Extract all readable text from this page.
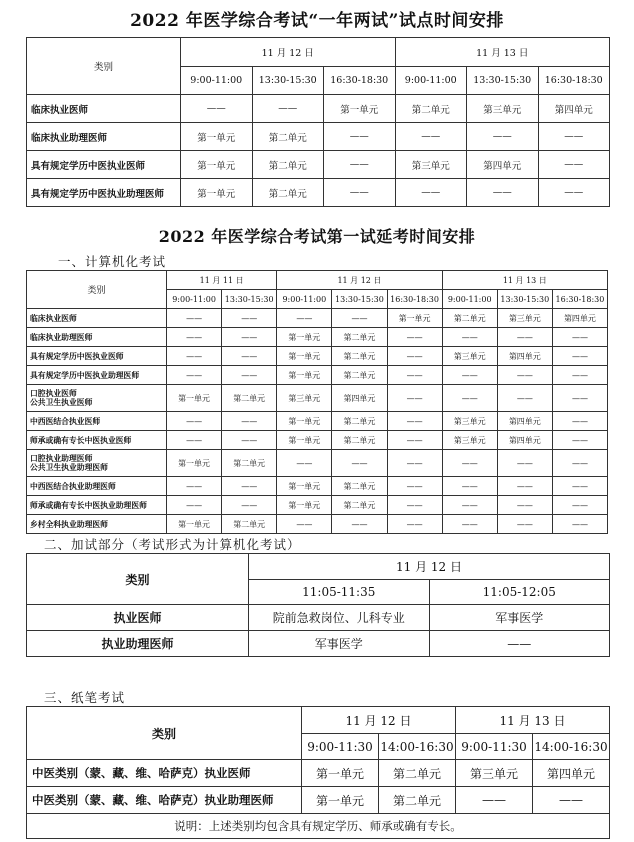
2022 年医学综合考试“一年两试”试点时间安排
类别	11 月 12 日			11 月 13 日		
	9:00-11:00	13:30-15:30	16:30-18:30	9:00-11:00	13:30-15:30	16:30-18:30
临床执业医师	——	——	第一单元	第二单元	第三单元	第四单元
临床执业助理医师	第一单元	第二单元	——	——	——	——
具有规定学历中医执业医师	第一单元	第二单元	——	第三单元	第四单元	——
具有规定学历中医执业助理医师	第一单元	第二单元	——	——	——	——
2022 年医学综合考试第一试延考时间安排
一、计算机化考试
类别	11 月 11 日		11 月 12 日			11 月 13 日		
	9:00-11:00	13:30-15:30	9:00-11:00	13:30-15:30	16:30-18:30	9:00-11:00	13:30-15:30	16:30-18:30
临床执业医师	——	——	——	——	第一单元	第二单元	第三单元	第四单元
临床执业助理医师	——	——	第一单元	第二单元	——	——	——	——
具有规定学历中医执业医师	——	——	第一单元	第二单元	——	第三单元	第四单元	——
具有规定学历中医执业助理医师	——	——	第一单元	第二单元	——	——	——	——

口腔执业医师
公共卫生执业医师	第一单元	第二单元	第三单元	第四单元	——	——	——	——
中西医结合执业医师	——	——	第一单元	第二单元	——	第三单元	第四单元	——
师承或确有专长中医执业医师	——	——	第一单元	第二单元	——	第三单元	第四单元	——

口腔执业助理医师
公共卫生执业助理医师	第一单元	第二单元	——	——	——	——	——	——
中西医结合执业助理医师	——	——	第一单元	第二单元	——	——	——	——
师承或确有专长中医执业助理医师	——	——	第一单元	第二单元	——	——	——	——
乡村全科执业助理医师	第一单元	第二单元	——	——	——	——	——	——
二、加试部分（考试形式为计算机化考试）
类别	11 月 12 日	
	11:05-11:35	11:05-12:05
执业医师	院前急救岗位、儿科专业	军事医学
执业助理医师	军事医学	——
三、纸笔考试
类别	11 月 12 日		11 月 13 日	
	9:00-11:30	14:00-16:30	9:00-11:30	14:00-16:30
中医类别（蒙、藏、维、哈萨克）执业医师	第一单元	第二单元	第三单元	第四单元
中医类别（蒙、藏、维、哈萨克）执业助理医师	第一单元	第二单元	——	——
说明：上述类别均包含具有规定学历、师承或确有专长。				
